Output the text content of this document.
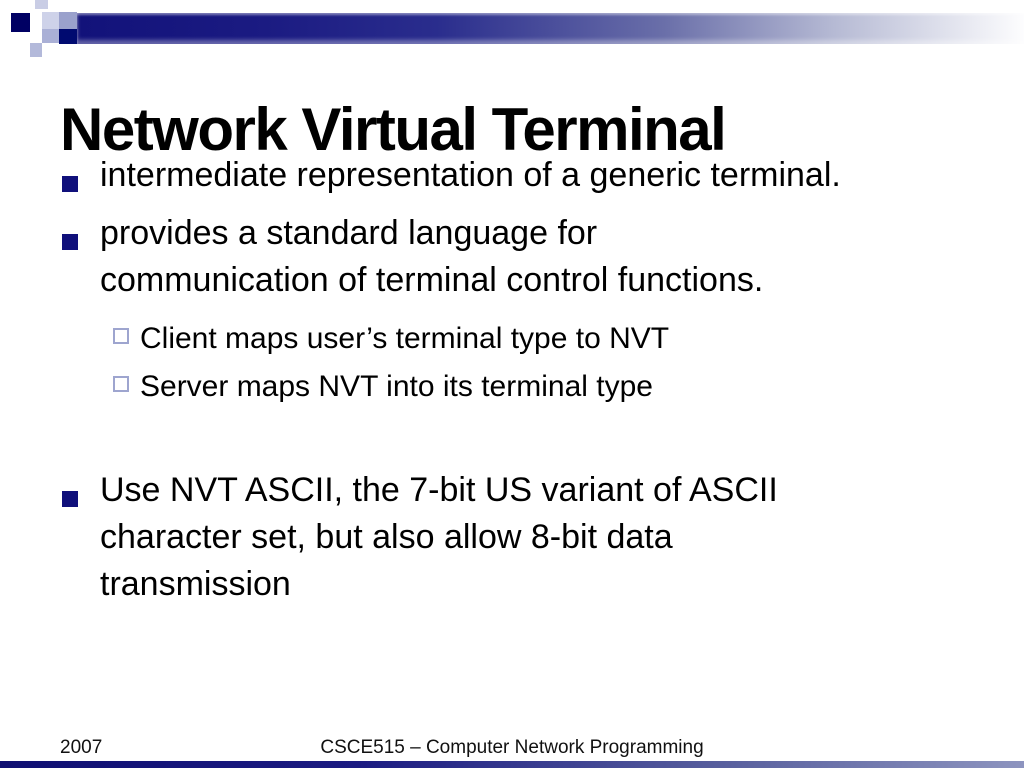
Network Virtual Terminal
intermediate representation of a generic terminal.
provides a standard language for
communication of terminal control functions.
Client maps user’s terminal type to NVT
Server maps NVT into its terminal type
Use NVT ASCII, the 7-bit US variant of ASCII
character set, but also allow 8-bit data
transmission
2007	CSCE515 – Computer Network Programming
